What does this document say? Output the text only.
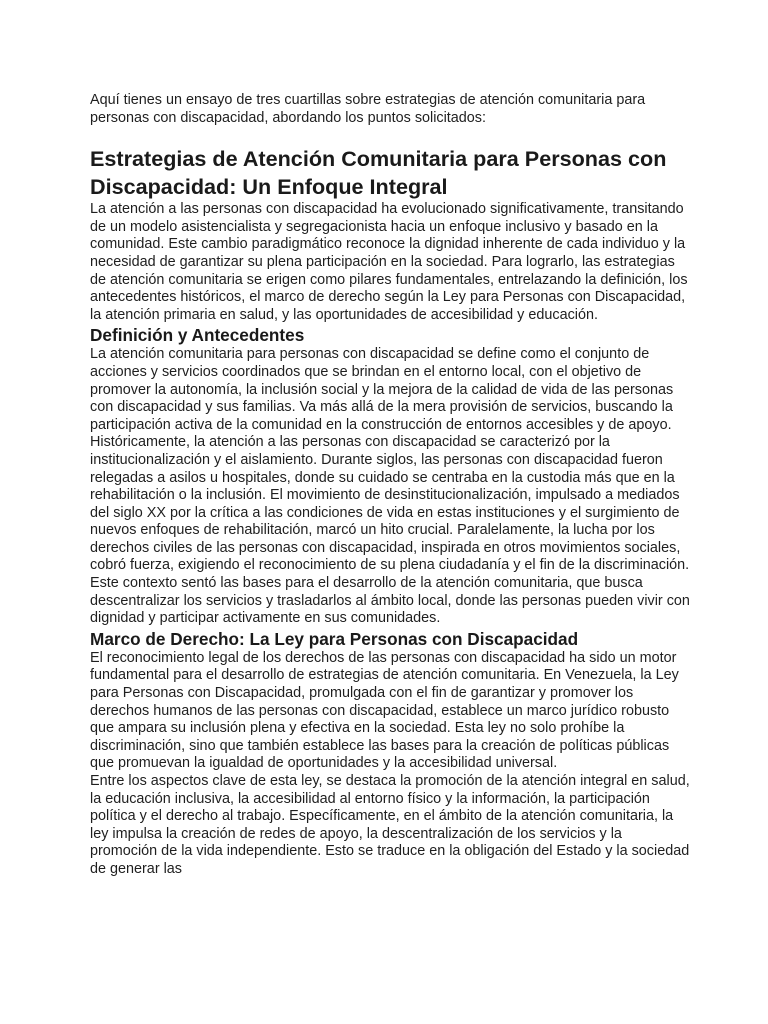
Aquí tienes un ensayo de tres cuartillas sobre estrategias de atención comunitaria para personas con discapacidad, abordando los puntos solicitados:

Estrategias de Atención Comunitaria para Personas con Discapacidad: Un Enfoque Integral

La atención a las personas con discapacidad ha evolucionado significativamente, transitando de un modelo asistencialista y segregacionista hacia un enfoque inclusivo y basado en la comunidad. Este cambio paradigmático reconoce la dignidad inherente de cada individuo y la necesidad de garantizar su plena participación en la sociedad. Para lograrlo, las estrategias de atención comunitaria se erigen como pilares fundamentales, entrelazando la definición, los antecedentes históricos, el marco de derecho según la Ley para Personas con Discapacidad, la atención primaria en salud, y las oportunidades de accesibilidad y educación.

Definición y Antecedentes

La atención comunitaria para personas con discapacidad se define como el conjunto de acciones y servicios coordinados que se brindan en el entorno local, con el objetivo de promover la autonomía, la inclusión social y la mejora de la calidad de vida de las personas con discapacidad y sus familias. Va más allá de la mera provisión de servicios, buscando la participación activa de la comunidad en la construcción de entornos accesibles y de apoyo. Históricamente, la atención a las personas con discapacidad se caracterizó por la institucionalización y el aislamiento. Durante siglos, las personas con discapacidad fueron relegadas a asilos u hospitales, donde su cuidado se centraba en la custodia más que en la rehabilitación o la inclusión. El movimiento de desinstitucionalización, impulsado a mediados del siglo XX por la crítica a las condiciones de vida en estas instituciones y el surgimiento de nuevos enfoques de rehabilitación, marcó un hito crucial. Paralelamente, la lucha por los derechos civiles de las personas con discapacidad, inspirada en otros movimientos sociales, cobró fuerza, exigiendo el reconocimiento de su plena ciudadanía y el fin de la discriminación. Este contexto sentó las bases para el desarrollo de la atención comunitaria, que busca descentralizar los servicios y trasladarlos al ámbito local, donde las personas pueden vivir con dignidad y participar activamente en sus comunidades.

Marco de Derecho: La Ley para Personas con Discapacidad

El reconocimiento legal de los derechos de las personas con discapacidad ha sido un motor fundamental para el desarrollo de estrategias de atención comunitaria. En Venezuela, la Ley para Personas con Discapacidad, promulgada con el fin de garantizar y promover los derechos humanos de las personas con discapacidad, establece un marco jurídico robusto que ampara su inclusión plena y efectiva en la sociedad. Esta ley no solo prohíbe la discriminación, sino que también establece las bases para la creación de políticas públicas que promuevan la igualdad de oportunidades y la accesibilidad universal.

Entre los aspectos clave de esta ley, se destaca la promoción de la atención integral en salud, la educación inclusiva, la accesibilidad al entorno físico y la información, la participación política y el derecho al trabajo. Específicamente, en el ámbito de la atención comunitaria, la ley impulsa la creación de redes de apoyo, la descentralización de los servicios y la promoción de la vida independiente. Esto se traduce en la obligación del Estado y la sociedad de generar las
